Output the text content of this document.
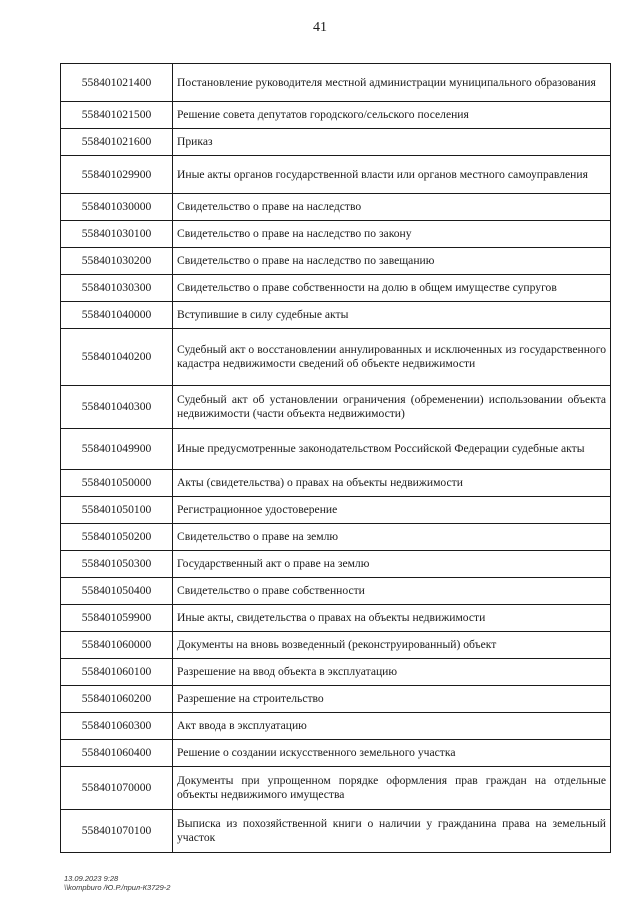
41
558401021400	Постановление руководителя местной администрации муниципального образования
558401021500	Решение совета депутатов городского/сельского поселения
558401021600	Приказ
558401029900	Иные акты органов государственной власти или органов местного самоуправления
558401030000	Свидетельство о праве на наследство
558401030100	Свидетельство о праве на наследство по закону
558401030200	Свидетельство о праве на наследство по завещанию
558401030300	Свидетельство о праве собственности на долю в общем имуществе супругов
558401040000	Вступившие в силу судебные акты
558401040200	Судебный акт о восстановлении аннулированных и исключенных из государственного кадастра недвижимости сведений об объекте недвижимости
558401040300	Судебный акт об установлении ограничения (обременении) использовании объекта недвижимости (части объекта недвижимости)
558401049900	Иные предусмотренные законодательством Российской Федерации судебные акты
558401050000	Акты (свидетельства) о правах на объекты недвижимости
558401050100	Регистрационное удостоверение
558401050200	Свидетельство о праве на землю
558401050300	Государственный акт о праве на землю
558401050400	Свидетельство о праве собственности
558401059900	Иные акты, свидетельства о правах на объекты недвижимости
558401060000	Документы на вновь возведенный (реконструированный) объект
558401060100	Разрешение на ввод объекта в эксплуатацию
558401060200	Разрешение на строительство
558401060300	Акт ввода в эксплуатацию
558401060400	Решение о создании искусственного земельного участка
558401070000	Документы при упрощенном порядке оформления прав граждан на отдельные объекты недвижимого имущества
558401070100	Выписка из похозяйственной книги о наличии у гражданина права на земельный участок
13.09.2023 9:28
\\kompburo /Ю.Р./прил-К3729-2
